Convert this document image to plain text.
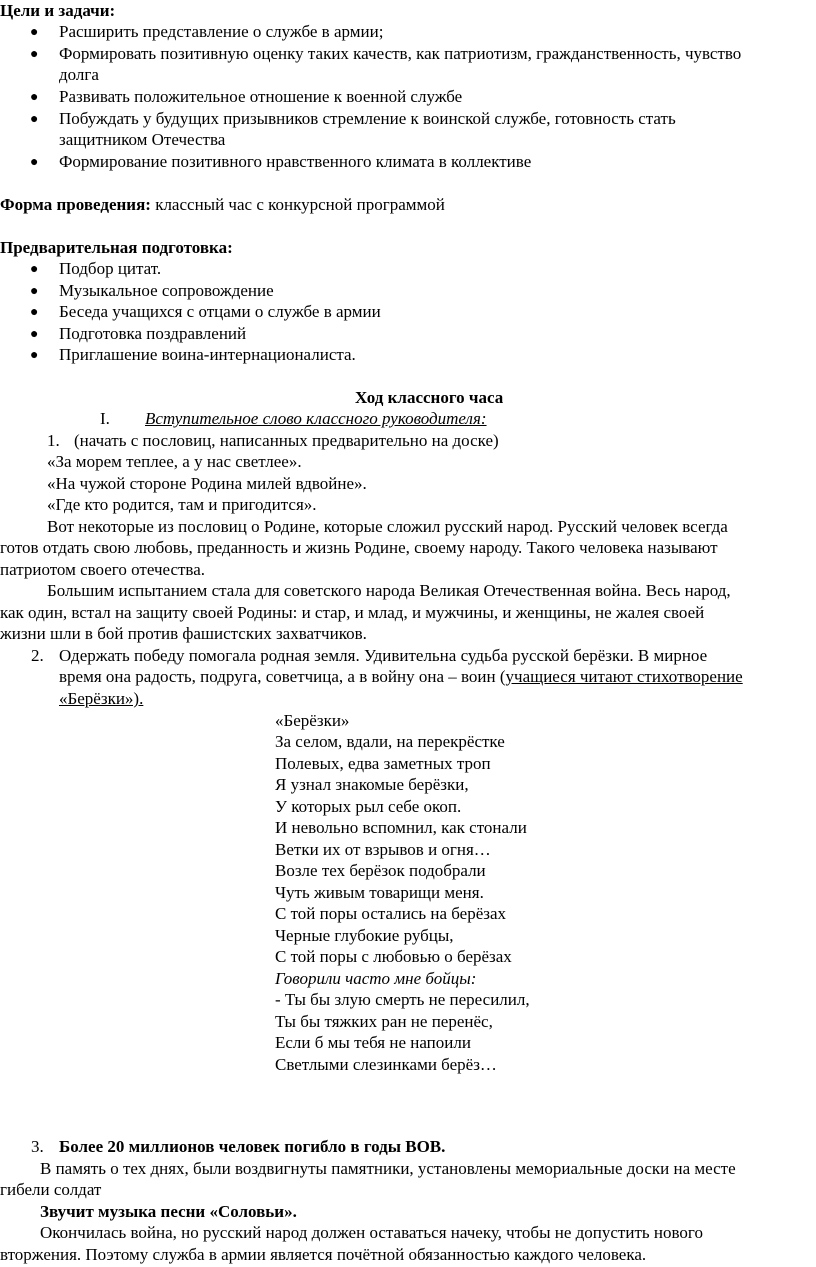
Цели и задачи:
● Расширить представление о службе в армии;
● Формировать позитивную оценку таких качеств, как патриотизм, гражданственность, чувство
долга
● Развивать положительное отношение к военной службе
● Побуждать у будущих призывников стремление к воинской службе, готовность стать
защитником Отечества
● Формирование позитивного нравственного климата в коллективе
Форма проведения: классный час с конкурсной программой
Предварительная подготовка:
● Подбор цитат.
● Музыкальное сопровождение
● Беседа учащихся с отцами о службе в армии
● Подготовка поздравлений
● Приглашение воина-интернационалиста.
Ход классного часа
I. Вступительное слово классного руководителя:
1. (начать с пословиц, написанных предварительно на доске)
«За морем теплее, а у нас светлее».
«На чужой стороне Родина милей вдвойне».
«Где кто родится, там и пригодится».
Вот некоторые из пословиц о Родине, которые сложил русский народ. Русский человек всегда
готов отдать свою любовь, преданность и жизнь Родине, своему народу. Такого человека называют
патриотом своего отечества.
Большим испытанием стала для советского народа Великая Отечественная война. Весь народ,
как один, встал на защиту своей Родины: и стар, и млад, и мужчины, и женщины, не жалея своей
жизни шли в бой против фашистских захватчиков.
2. Одержать победу помогала родная земля. Удивительна судьба русской берёзки. В мирное
время она радость, подруга, советчица, а в войну она – воин (учащиеся читают стихотворение
«Берёзки»).
«Берёзки»
За селом, вдали, на перекрёстке
Полевых, едва заметных троп
Я узнал знакомые берёзки,
У которых рыл себе окоп.
И невольно вспомнил, как стонали
Ветки их от взрывов и огня…
Возле тех берёзок подобрали
Чуть живым товарищи меня.
С той поры остались на берёзах
Черные глубокие рубцы,
С той поры с любовью о берёзах
Говорили часто мне бойцы:
- Ты бы злую смерть не пересилил,
Ты бы тяжких ран не перенёс,
Если б мы тебя не напоили
Светлыми слезинками берёз…
3. Более 20 миллионов человек погибло в годы ВОВ.
В память о тех днях, были воздвигнуты памятники, установлены мемориальные доски на месте
гибели солдат
Звучит музыка песни «Соловьи».
Окончилась война, но русский народ должен оставаться начеку, чтобы не допустить нового
вторжения. Поэтому служба в армии является почётной обязанностью каждого человека.
